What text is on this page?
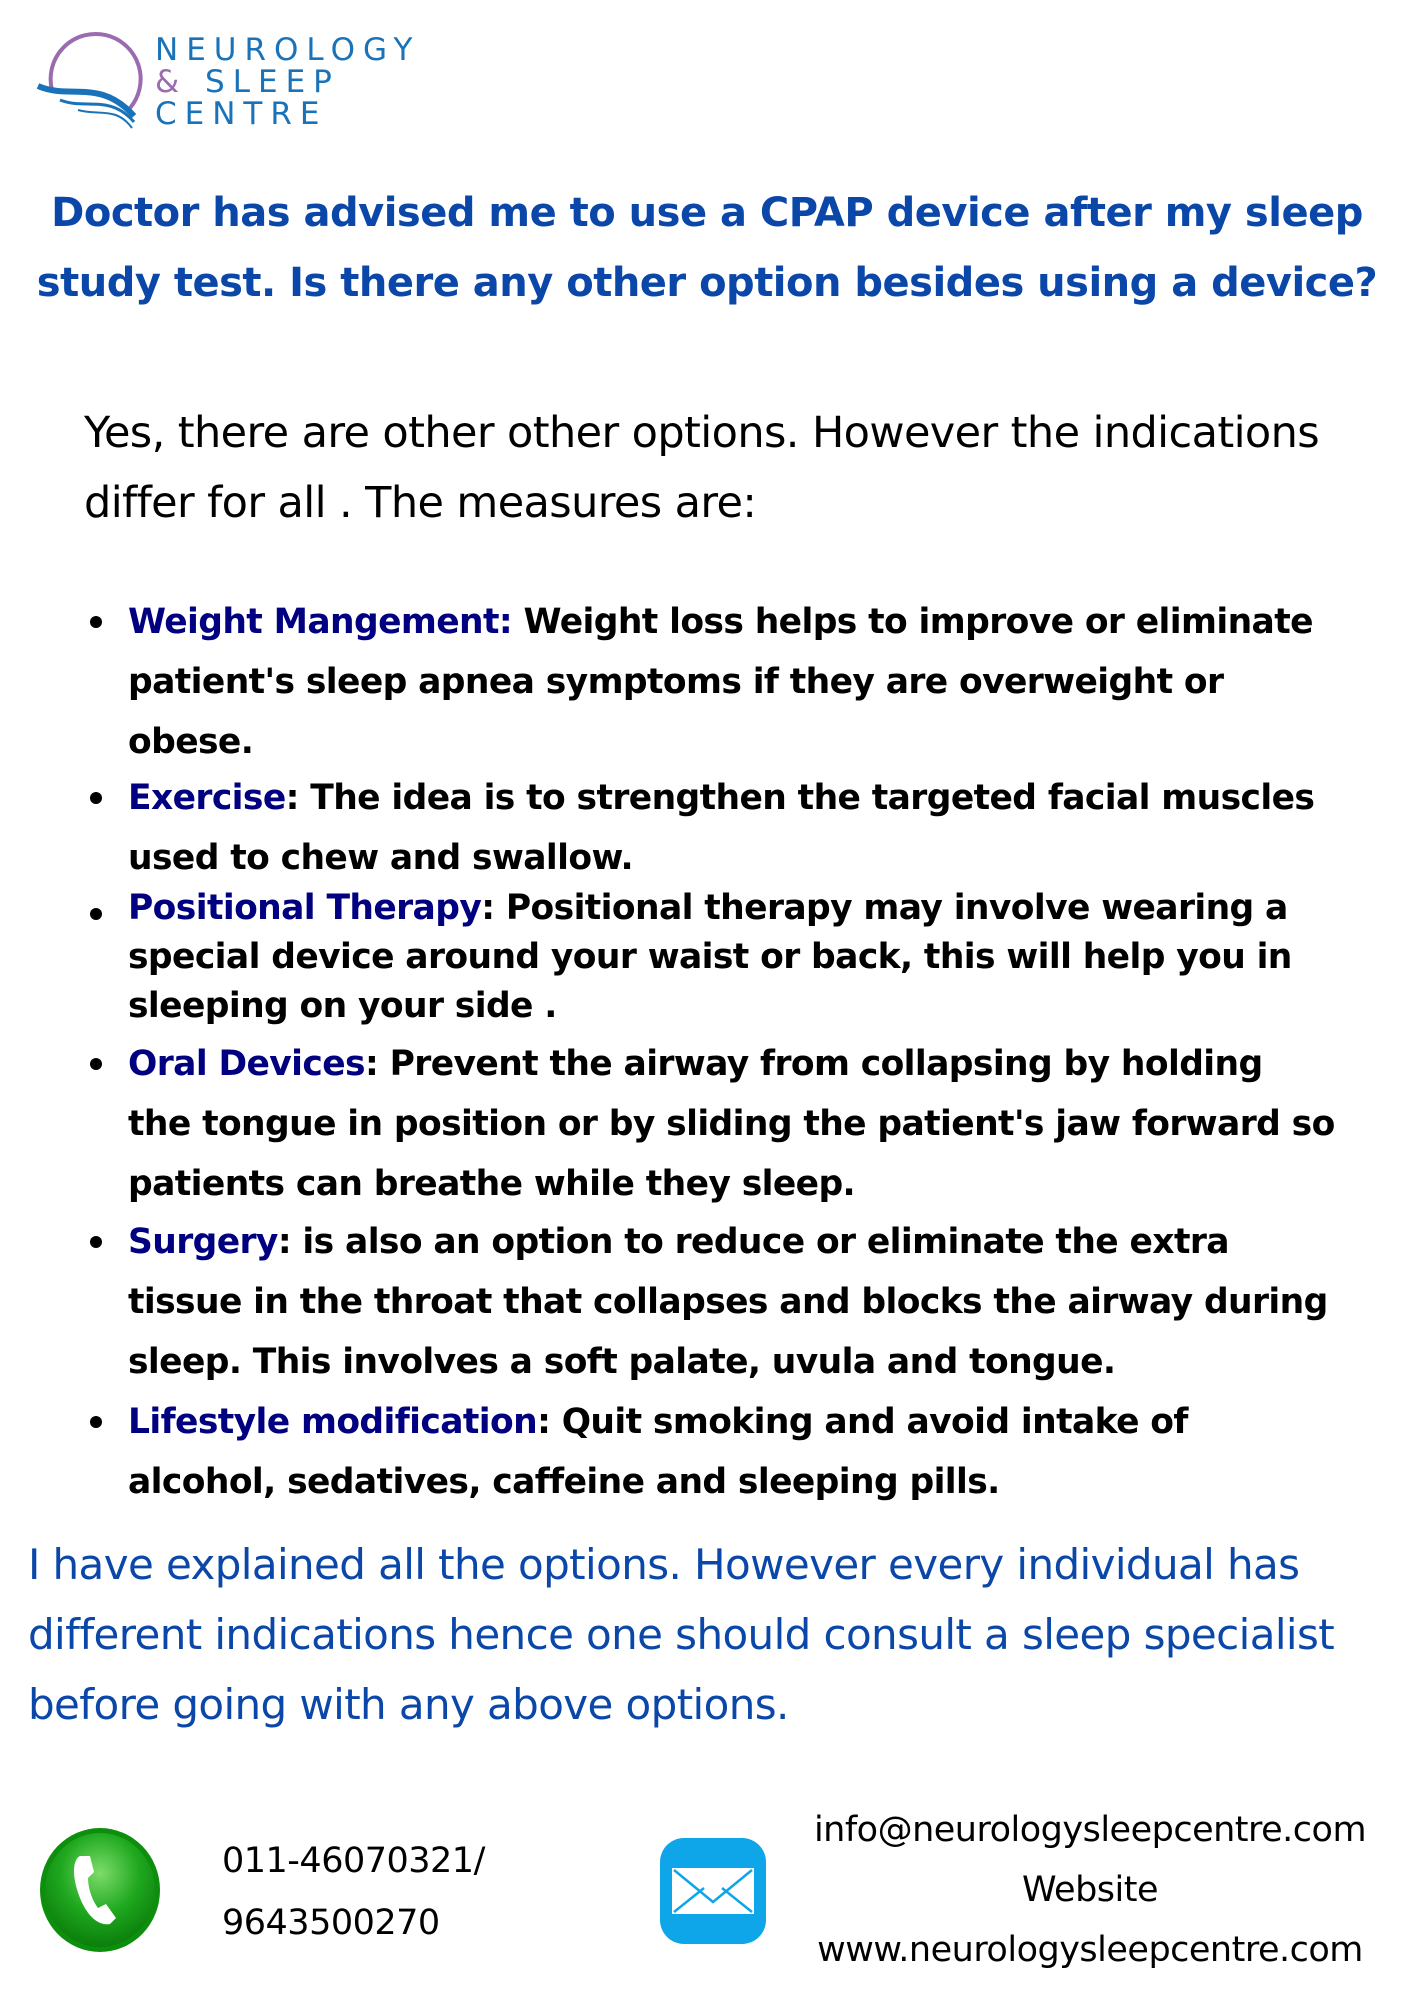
NEUROLOGY
& SLEEP
CENTRE
Doctor has advised me to use a CPAP device after my sleep
study test. Is there any other option besides using a device?
Yes, there are other other options. However the indications
differ for all . The measures are:
Weight Mangement: Weight loss helps to improve or eliminate
patient's sleep apnea symptoms if they are overweight or
obese.
Exercise: The idea is to strengthen the targeted facial muscles
used to chew and swallow.
Positional Therapy: Positional therapy may involve wearing a
special device around your waist or back, this will help you in
sleeping on your side .
Oral Devices: Prevent the airway from collapsing by holding
the tongue in position or by sliding the patient's jaw forward so
patients can breathe while they sleep.
Surgery: is also an option to reduce or eliminate the extra
tissue in the throat that collapses and blocks the airway during
sleep. This involves a soft palate, uvula and tongue.
Lifestyle modification: Quit smoking and avoid intake of
alcohol, sedatives, caffeine and sleeping pills.
I have explained all the options. However every individual has
different indications hence one should consult a sleep specialist
before going with any above options.
011-46070321/
9643500270
info@neurologysleepcentre.com
Website
www.neurologysleepcentre.com
